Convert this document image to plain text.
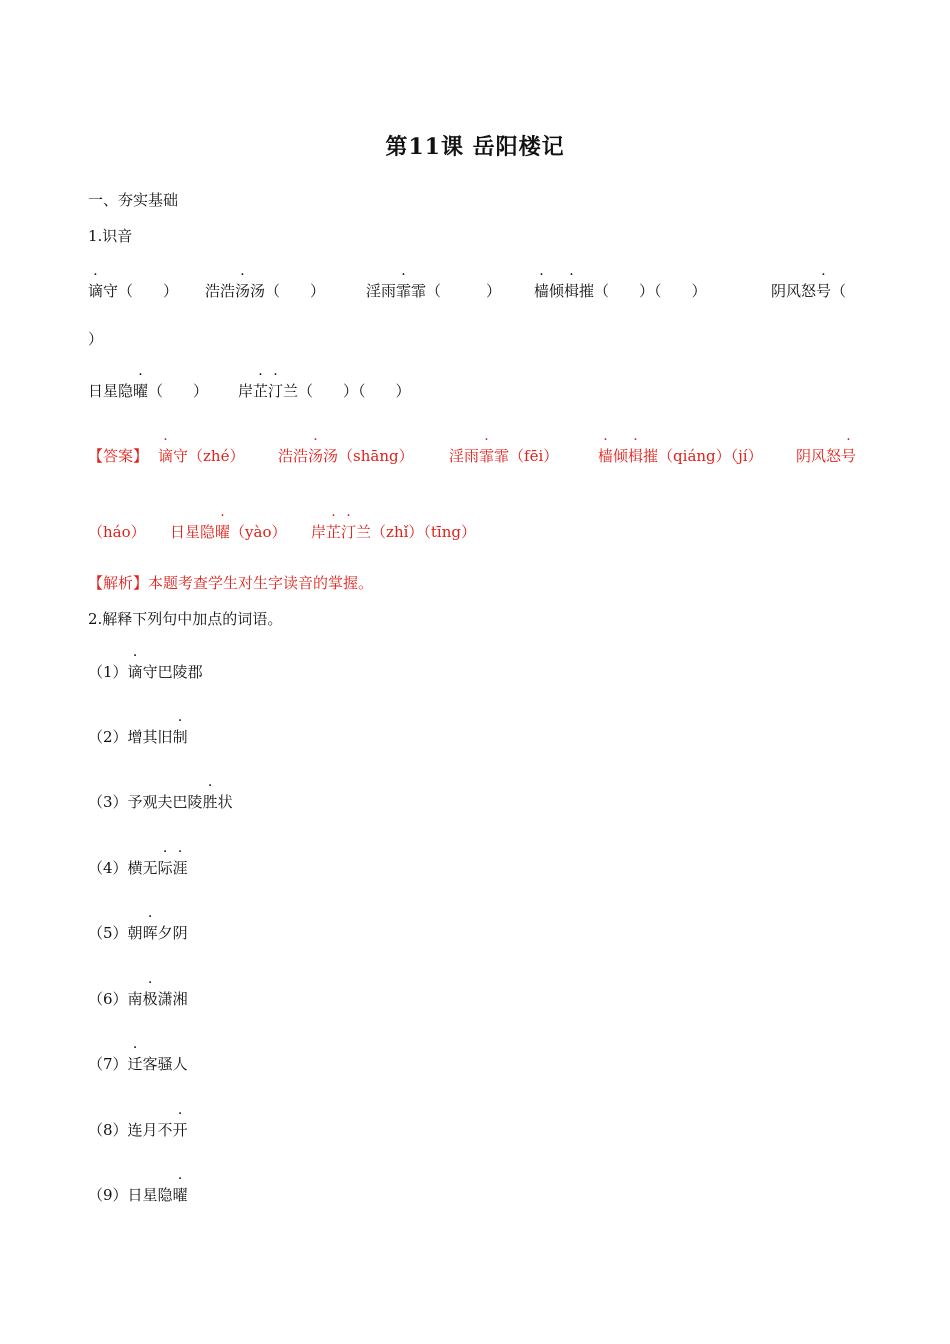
第11课 岳阳楼记
一、夯实基础
1.识音
谪守（　　） 浩浩汤汤（　　）	淫雨霏霏（　　　） 樯倾楫摧（　　）（　　）	阴风怒号（
）
日星隐曜（　　） 岸芷汀兰（　　）（　　）
【答案】 谪守（zhé） 浩浩汤汤（shāng） 淫雨霏霏（fēi）	樯倾楫摧（qiáng）（jí） 阴风怒号
（háo） 日星隐曜（yào） 岸芷汀兰（zhǐ）（tīng）
【解析】本题考查学生对生字读音的掌握。
2.解释下列句中加点的词语。
（1）谪守巴陵郡
（2）增其旧制
（3）予观夫巴陵胜状
（4）横无际涯
（5）朝晖夕阴
（6）南极潇湘
（7）迁客骚人
（8）连月不开
（9）日星隐曜
